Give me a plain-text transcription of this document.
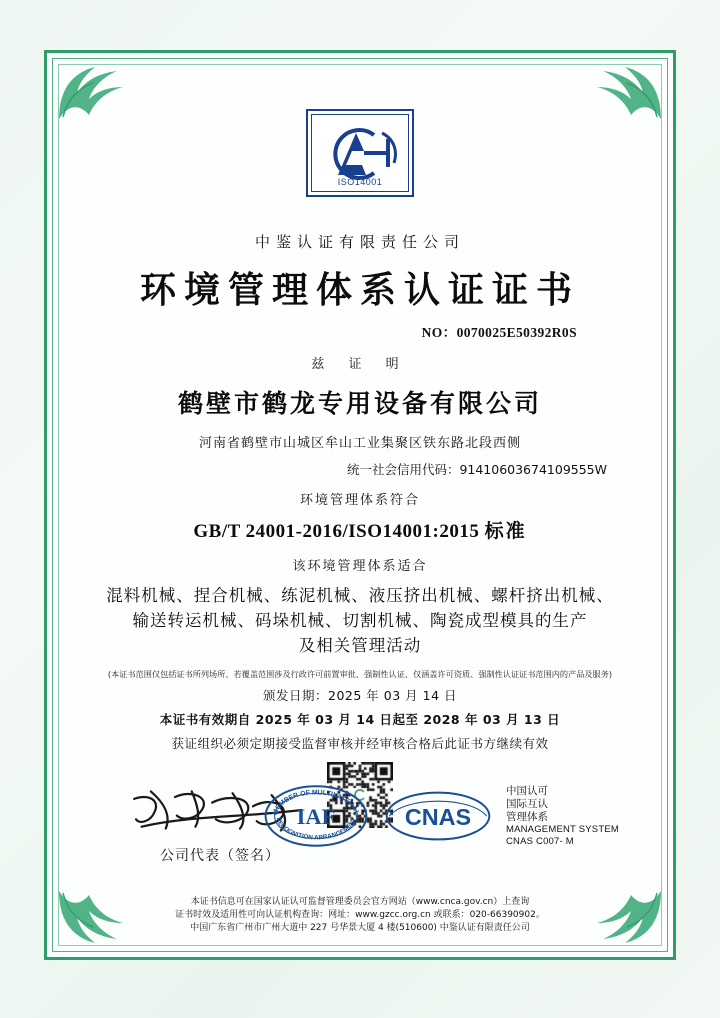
ISO14001
中鉴认证有限责任公司
环境管理体系认证证书
NO：0070025E50392R0S
兹 证 明
鹤壁市鹤龙专用设备有限公司
河南省鹤壁市山城区牟山工业集聚区铁东路北段西侧
统一社会信用代码：91410603674109555W
环境管理体系符合
GB/T 24001-2016/ISO14001:2015 标准
该环境管理体系适合
混料机械、捏合机械、练泥机械、液压挤出机械、螺杆挤出机械、
输送转运机械、码垛机械、切割机械、陶瓷成型模具的生产
及相关管理活动
(本证书范围仅包括证书所列场所、若覆盖范围涉及行政许可前置审批、强制性认证、仅涵盖许可资质、强制性认证证书范围内的产品及服务)
颁发日期：2025 年 03 月 14 日
本证书有效期自 2025 年 03 月 14 日起至 2028 年 03 月 13 日
获证组织必须定期接受监督审核并经审核合格后此证书方继续有效
公司代表（签名）
MEMBER OF MULTILATERAL
RECOGNITION ARRANGEMENT
IAF	CNAS
中国认可
国际互认
管理体系
MANAGEMENT SYSTEM
CNAS C007- M
本证书信息可在国家认证认可监督管理委员会官方网站（www.cnca.gov.cn）上查询
证书时效及适用性可向认证机构查询：网址：www.gzcc.org.cn 或联系：020-66390902。
中国广东省广州市广州大道中 227 号华景大厦 4 楼(510600) 中鉴认证有限责任公司
